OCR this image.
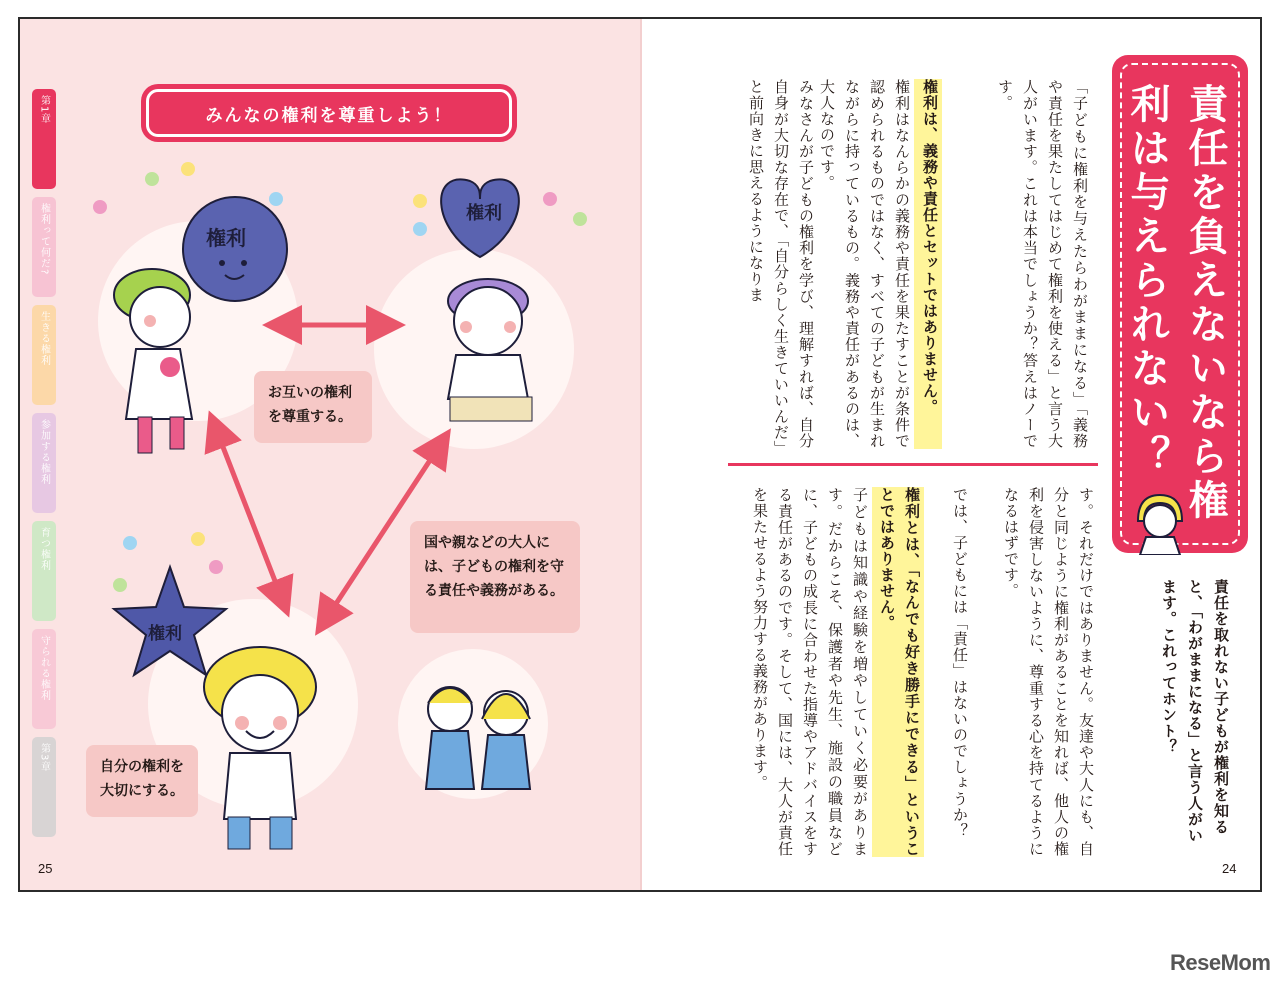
第1章
権利って何だ?
生きる権利
参加する権利
育つ権利
守られる権利
第3章
みんなの権利を尊重しよう！
権利
権利
権利
お互いの権利を尊重する。
国や親などの大人には、子どもの権利を守る責任や義務がある。
自分の権利を大切にする。
25
責任を負えないなら権利は与えられない？
「子どもに権利を与えたらわがままになる」「義務や責任を果たしてはじめて権利を使える」と言う大人がいます。これは本当でしょうか？答えはノーです。
権利は、義務や責任とセットではありません。
権利はなんらかの義務や責任を果たすことが条件で認められるものではなく、すべての子どもが生まれながらに持っているもの。義務や責任があるのは、大人なのです。
みなさんが子どもの権利を学び、理解すれば、自分自身が大切な存在で、「自分らしく生きていいんだ」と前向きに思えるようになりま
す。それだけではありません。友達や大人にも、自分と同じように権利があることを知れば、他人の権利を侵害しないように、尊重する心を持てるようになるはずです。
では、子どもには「責任」はないのでしょうか？
権利とは、「なんでも好き勝手にできる」ということではありません。
子どもは知識や経験を増やしていく必要があります。だからこそ、保護者や先生、施設の職員などに、子どもの成長に合わせた指導やアドバイスをする責任があるのです。そして、国には、大人が責任を果たせるよう努力する義務があります。	責任を取れない子どもが権利を知ると、「わがままになる」と言う人がいます。これってホント？
24
ReseMom
